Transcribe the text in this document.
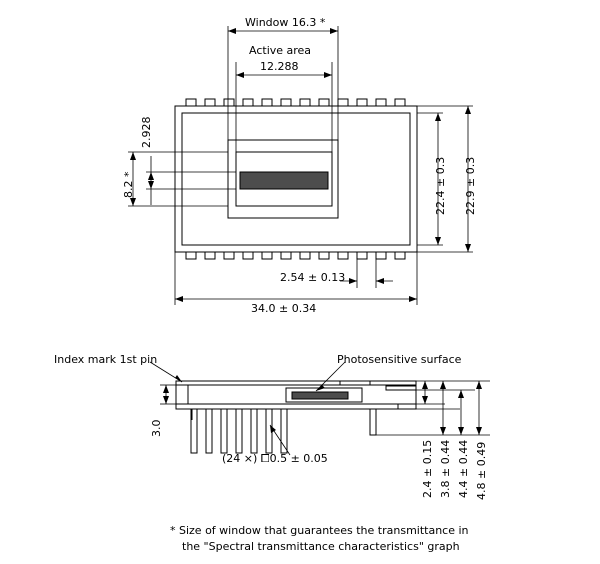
Window 16.3 *
Active area
12.288
2.928
8.2 *	22.4 ± 0.3 22.9 ± 0.3
2.54 ± 0.13
34.0 ± 0.34
Index mark 1st pin	Photosensitive surface
3.0
(24 ×) ⧠0.5 ± 0.05	2.4 ± 0.15 3.8 ± 0.44 4.4 ± 0.44 4.8 ± 0.49
* Size of window that guarantees the transmittance in
the "Spectral transmittance characteristics" graph
